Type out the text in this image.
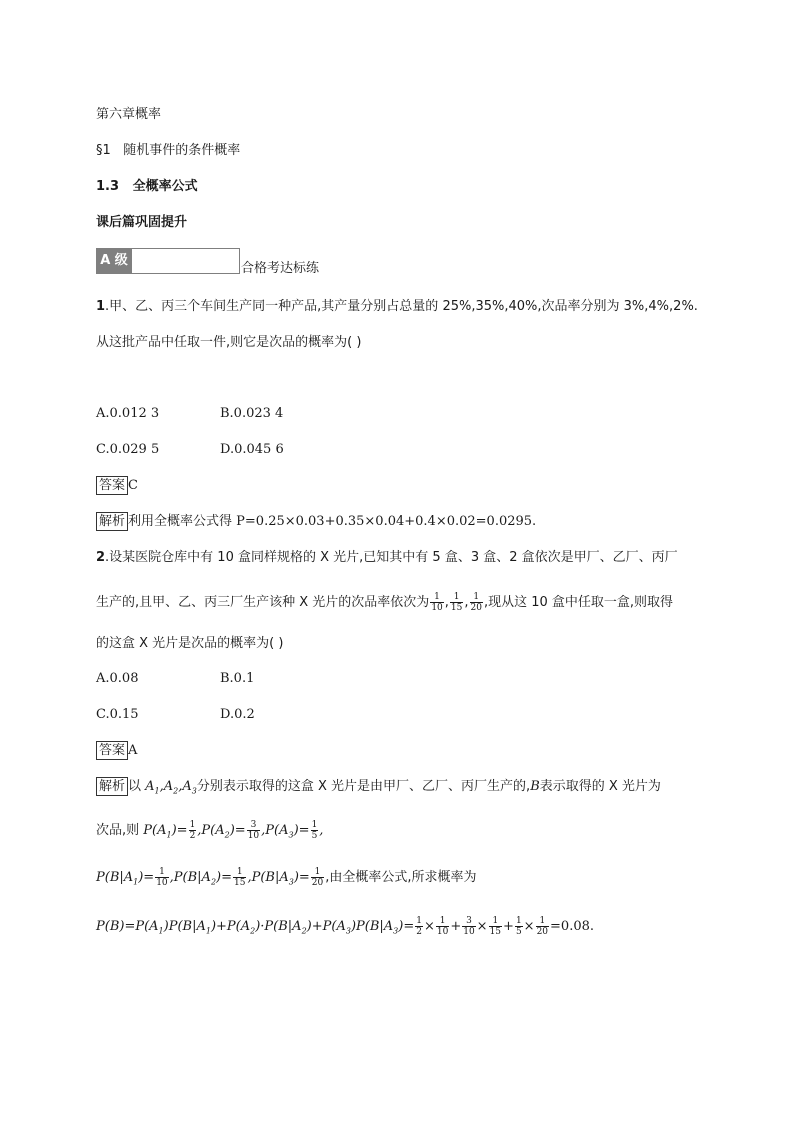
第六章概率
§1 随机事件的条件概率
1.3 全概率公式
课后篇巩固提升
A 级
合格考达标练
1.甲、乙、丙三个车间生产同一种产品,其产量分别占总量的 25%,35%,40%,次品率分别为 3%,4%,2%.
从这批产品中任取一件,则它是次品的概率为( )
A.0.012 3	B.0.023 4
C.0.029 5	D.0.045 6
答案 C
解析 利用全概率公式得 P=0.25×0.03+0.35×0.04+0.4×0.02=0.0295.
2.设某医院仓库中有 10 盒同样规格的 X 光片,已知其中有 5 盒、3 盒、2 盒依次是甲厂、乙厂、丙厂
生产的,且甲、乙、丙三厂生产该种 X 光片的次品率依次为 $\frac{1}{10}$ , $\frac{1}{15}$ , $\frac{1}{20}$ ,现从这 10 盒中任取一盒,则取得
的这盒 X 光片是次品的概率为( )
A.0.08	B.0.1
C.0.15	D.0.2
答案 A
解析 以 $A_1,A_2,A_3$分别表示取得的这盒 X 光片是由甲厂、乙厂、丙厂生产的,B表示取得的 X 光片为
次品,则 $P(A_1)= \frac{1}{2} ,P(A_2)= \frac{3}{10} ,P(A_3)= \frac{1}{5}$ ,
$P(B|A_1)= \frac{1}{10} ,P(B|A_2)= \frac{1}{15} ,P(B|A_3)= \frac{1}{20}$ ,由全概率公式,所求概率为
$P(B)=P(A_1)P(B|A_1)+P(A_2)\cdot P(B|A_2)+P(A_3)P(B|A_3)= \frac{1}{2} \times \frac{1}{10} + \frac{3}{10} \times \frac{1}{15} + \frac{1}{5} \times \frac{1}{20} =0.08$.
